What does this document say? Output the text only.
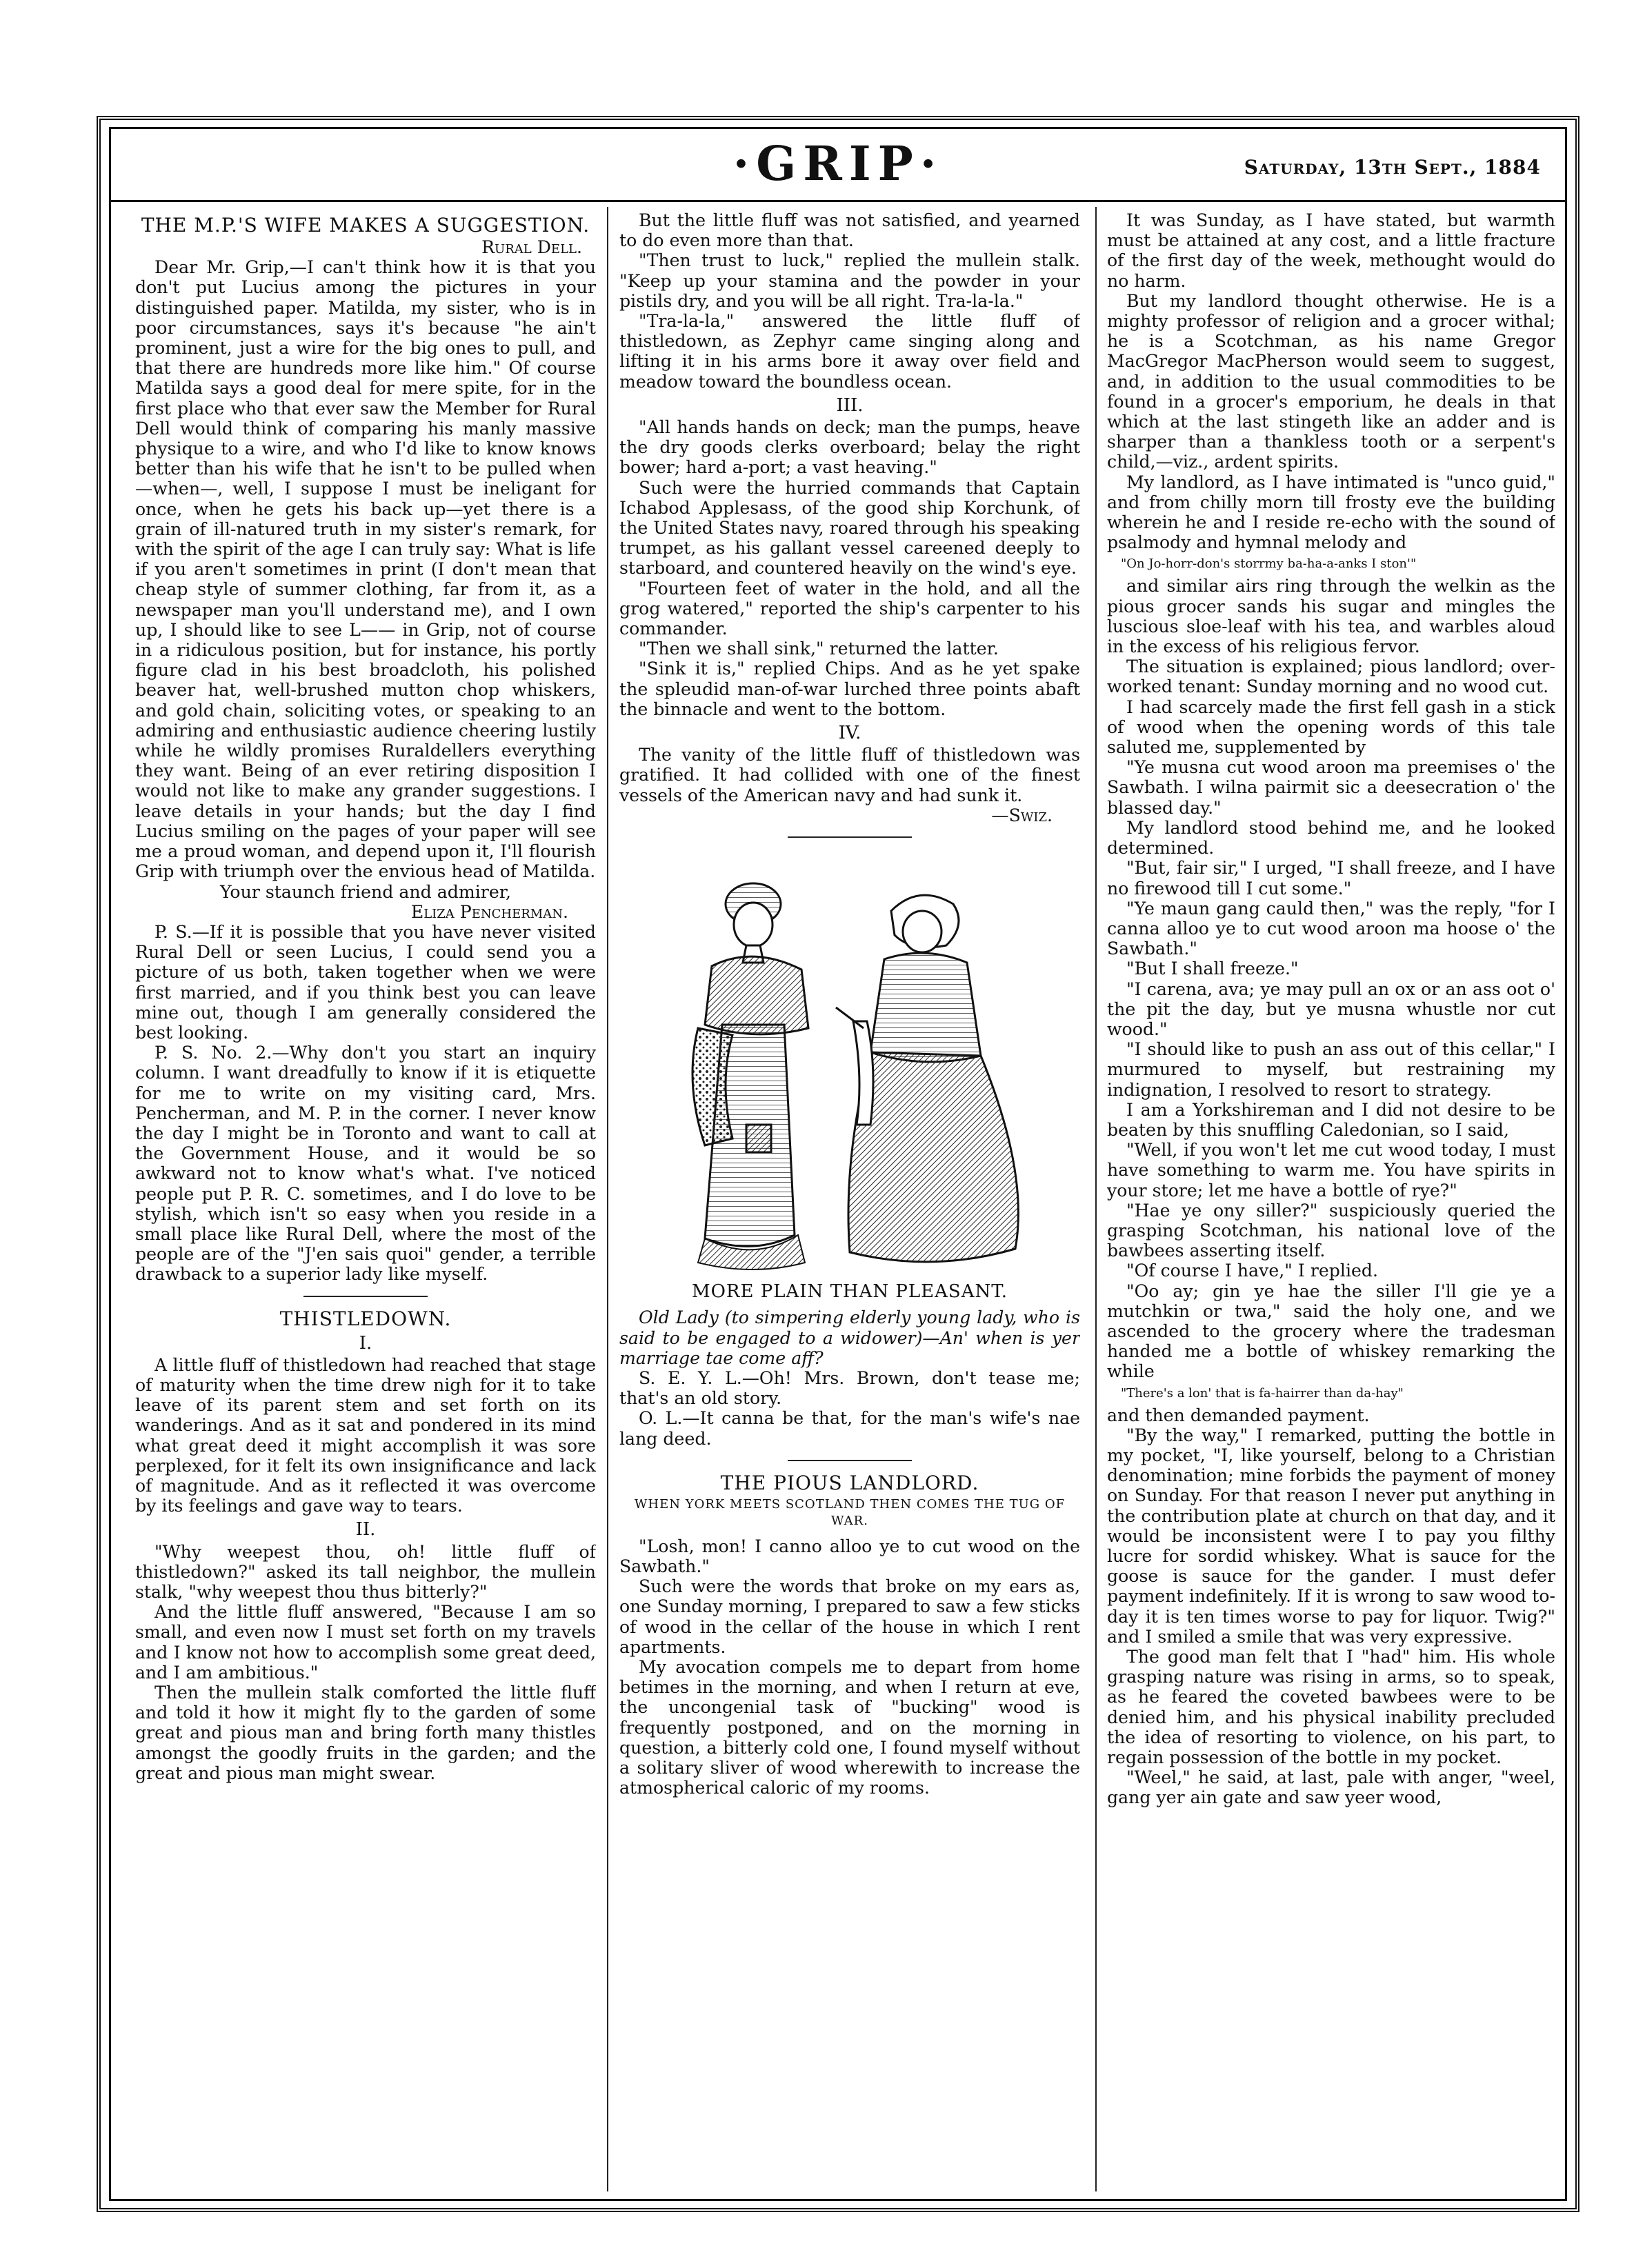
·GRIP·	Saturday, 13th Sept., 1884
THE M.P.'S WIFE MAKES A SUGGESTION.

Rural Dell.

Dear Mr. Grip,—I can't think how it is that you don't put Lucius among the pictures in your distinguished paper. Matilda, my sister, who is in poor circumstances, says it's because "he ain't prominent, just a wire for the big ones to pull, and that there are hundreds more like him." Of course Matilda says a good deal for mere spite, for in the first place who that ever saw the Member for Rural Dell would think of comparing his manly massive physique to a wire, and who I'd like to know knows better than his wife that he isn't to be pulled when—when—, well, I suppose I must be ineligant for once, when he gets his back up—yet there is a grain of ill-natured truth in my sister's remark, for with the spirit of the age I can truly say: What is life if you aren't sometimes in print (I don't mean that cheap style of summer clothing, far from it, as a newspaper man you'll understand me), and I own up, I should like to see L—— in Grip, not of course in a ridiculous position, but for instance, his portly figure clad in his best broadcloth, his polished beaver hat, well-brushed mutton chop whiskers, and gold chain, soliciting votes, or speaking to an admiring and enthusiastic audience cheering lustily while he wildly promises Ruraldellers everything they want. Being of an ever retiring disposition I would not like to make any grander suggestions. I leave details in your hands; but the day I find Lucius smiling on the pages of your paper will see me a proud woman, and depend upon it, I'll flourish Grip with triumph over the envious head of Matilda.

Your staunch friend and admirer,

Eliza Pencherman.

P. S.—If it is possible that you have never visited Rural Dell or seen Lucius, I could send you a picture of us both, taken together when we were first married, and if you think best you can leave mine out, though I am generally considered the best looking.

P. S. No. 2.—Why don't you start an inquiry column. I want dreadfully to know if it is etiquette for me to write on my visiting card, Mrs. Pencherman, and M. P. in the corner. I never know the day I might be in Toronto and want to call at the Government House, and it would be so awkward not to know what's what. I've noticed people put P. R. C. sometimes, and I do love to be stylish, which isn't so easy when you reside in a small place like Rural Dell, where the most of the people are of the "J'en sais quoi" gender, a terrible drawback to a superior lady like myself.

THISTLEDOWN.
I.

A little fluff of thistledown had reached that stage of maturity when the time drew nigh for it to take leave of its parent stem and set forth on its wanderings. And as it sat and pondered in its mind what great deed it might accomplish it was sore perplexed, for it felt its own insignificance and lack of magnitude. And as it reflected it was overcome by its feelings and gave way to tears.

II.

"Why weepest thou, oh! little fluff of thistledown?" asked its tall neighbor, the mullein stalk, "why weepest thou thus bitterly?"

And the little fluff answered, "Because I am so small, and even now I must set forth on my travels and I know not how to accomplish some great deed, and I am ambitious."

Then the mullein stalk comforted the little fluff and told it how it might fly to the garden of some great and pious man and bring forth many thistles amongst the goodly fruits in the garden; and the great and pious man might swear.

But the little fluff was not satisfied, and yearned to do even more than that.

"Then trust to luck," replied the mullein stalk. "Keep up your stamina and the powder in your pistils dry, and you will be all right. Tra-la-la."

"Tra-la-la," answered the little fluff of thistledown, as Zephyr came singing along and lifting it in his arms bore it away over field and meadow toward the boundless ocean.

III.

"All hands hands on deck; man the pumps, heave the dry goods clerks overboard; belay the right bower; hard a-port; a vast heaving."

Such were the hurried commands that Captain Ichabod Applesass, of the good ship Korchunk, of the United States navy, roared through his speaking trumpet, as his gallant vessel careened deeply to starboard, and countered heavily on the wind's eye.

"Fourteen feet of water in the hold, and all the grog watered," reported the ship's carpenter to his commander.

"Then we shall sink," returned the latter.

"Sink it is," replied Chips. And as he yet spake the spleudid man-of-war lurched three points abaft the binnacle and went to the bottom.

IV.

The vanity of the little fluff of thistledown was gratified. It had collided with one of the finest vessels of the American navy and had sunk it.

—Swiz.

MORE PLAIN THAN PLEASANT.

Old Lady (to simpering elderly young lady, who is said to be engaged to a widower)—An' when is yer marriage tae come aff?

S. E. Y. L.—Oh! Mrs. Brown, don't tease me; that's an old story.

O. L.—It canna be that, for the man's wife's nae lang deed.

THE PIOUS LANDLORD.
WHEN YORK MEETS SCOTLAND THEN COMES THE TUG OF WAR.

"Losh, mon! I canno alloo ye to cut wood on the Sawbath."

Such were the words that broke on my ears as, one Sunday morning, I prepared to saw a few sticks of wood in the cellar of the house in which I rent apartments.

My avocation compels me to depart from home betimes in the morning, and when I return at eve, the uncongenial task of "bucking" wood is frequently postponed, and on the morning in question, a bitterly cold one, I found myself without a solitary sliver of wood wherewith to increase the atmospherical caloric of my rooms.

It was Sunday, as I have stated, but warmth must be attained at any cost, and a little fracture of the first day of the week, methought would do no harm.

But my landlord thought otherwise. He is a mighty professor of religion and a grocer withal; he is a Scotchman, as his name Gregor MacGregor MacPherson would seem to suggest, and, in addition to the usual commodities to be found in a grocer's emporium, he deals in that which at the last stingeth like an adder and is sharper than a thankless tooth or a serpent's child,—viz., ardent spirits.

My landlord, as I have intimated is "unco guid," and from chilly morn till frosty eve the building wherein he and I reside re-echo with the sound of psalmody and hymnal melody and

"On Jo-horr-don's storrmy ba-ha-a-anks I ston'"

and similar airs ring through the welkin as the pious grocer sands his sugar and mingles the luscious sloe-leaf with his tea, and warbles aloud in the excess of his religious fervor.

The situation is explained; pious landlord; over-worked tenant: Sunday morning and no wood cut.

I had scarcely made the first fell gash in a stick of wood when the opening words of this tale saluted me, supplemented by

"Ye musna cut wood aroon ma preemises o' the Sawbath. I wilna pairmit sic a deesecration o' the blassed day."

My landlord stood behind me, and he looked determined.

"But, fair sir," I urged, "I shall freeze, and I have no firewood till I cut some."

"Ye maun gang cauld then," was the reply, "for I canna alloo ye to cut wood aroon ma hoose o' the Sawbath."

"But I shall freeze."

"I carena, ava; ye may pull an ox or an ass oot o' the pit the day, but ye musna whustle nor cut wood."

"I should like to push an ass out of this cellar," I murmured to myself, but restraining my indignation, I resolved to resort to strategy.

I am a Yorkshireman and I did not desire to be beaten by this snuffling Caledonian, so I said,

"Well, if you won't let me cut wood today, I must have something to warm me. You have spirits in your store; let me have a bottle of rye?"

"Hae ye ony siller?" suspiciously queried the grasping Scotchman, his national love of the bawbees asserting itself.

"Of course I have," I replied.

"Oo ay; gin ye hae the siller I'll gie ye a mutchkin or twa," said the holy one, and we ascended to the grocery where the tradesman handed me a bottle of whiskey remarking the while

"There's a lon' that is fa-hairrer than da-hay"

and then demanded payment.

"By the way," I remarked, putting the bottle in my pocket, "I, like yourself, belong to a Christian denomination; mine forbids the payment of money on Sunday. For that reason I never put anything in the contribution plate at church on that day, and it would be inconsistent were I to pay you filthy lucre for sordid whiskey. What is sauce for the goose is sauce for the gander. I must defer payment indefinitely. If it is wrong to saw wood to-day it is ten times worse to pay for liquor. Twig?" and I smiled a smile that was very expressive.

The good man felt that I "had" him. His whole grasping nature was rising in arms, so to speak, as he feared the coveted bawbees were to be denied him, and his physical inability precluded the idea of resorting to violence, on his part, to regain possession of the bottle in my pocket.

"Weel," he said, at last, pale with anger, "weel, gang yer ain gate and saw yeer wood,
